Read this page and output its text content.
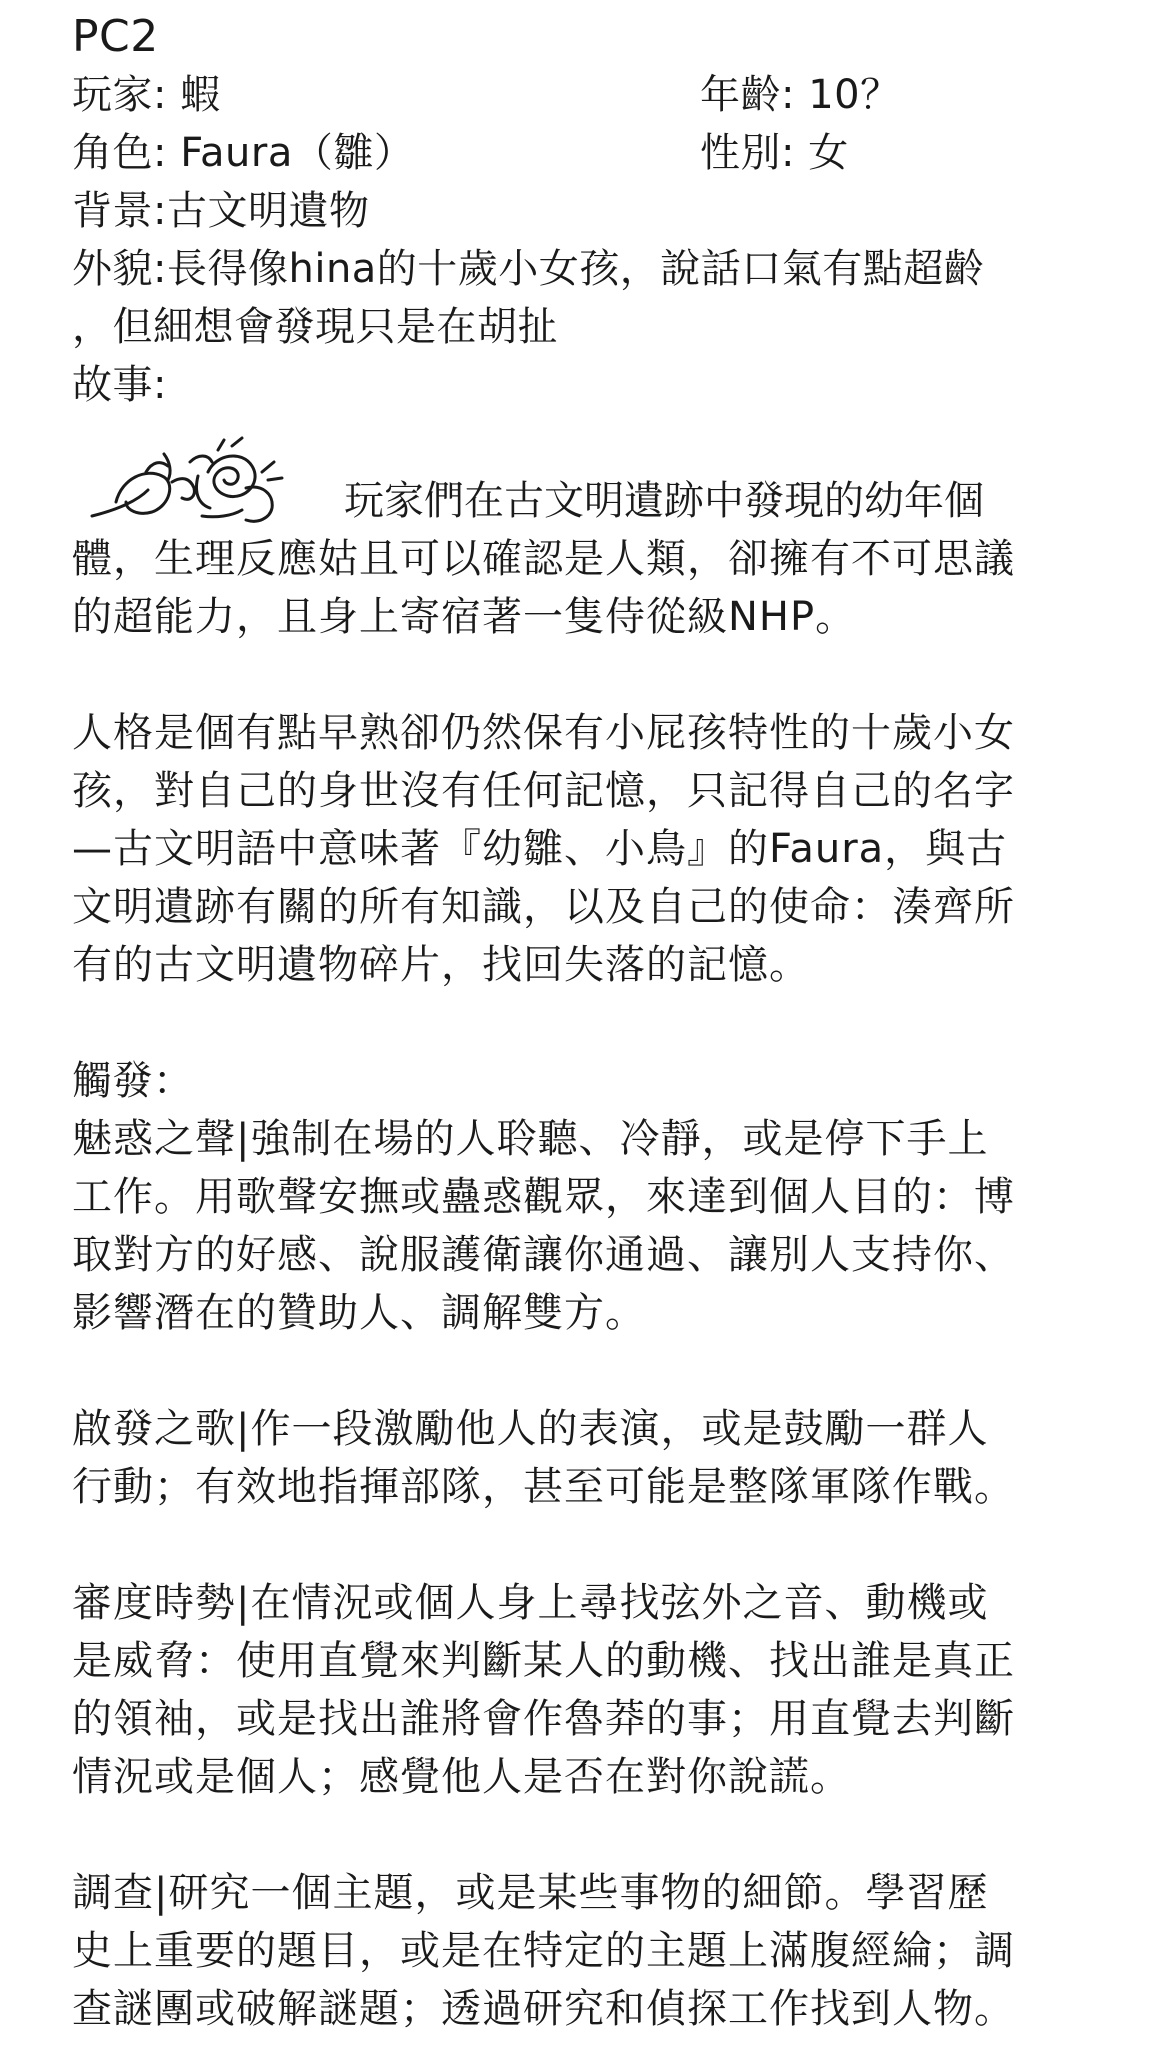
PC2
玩家: 蝦	年齡: 10？
角色: Faura（雛）	性別: 女
背景:古文明遺物
外貌:長得像hina的十歲小女孩，說話口氣有點超齡
，但細想會發現只是在胡扯
故事:
玩家們在古文明遺跡中發現的幼年個
體，生理反應姑且可以確認是人類，卻擁有不可思議
的超能力，且身上寄宿著一隻侍從級NHP。
人格是個有點早熟卻仍然保有小屁孩特性的十歲小女
孩，對自己的身世沒有任何記憶，只記得自己的名字
—古文明語中意味著『幼雛、小鳥』的Faura，與古
文明遺跡有關的所有知識，以及自己的使命：湊齊所
有的古文明遺物碎片，找回失落的記憶。
觸發：
魅惑之聲|強制在場的人聆聽、冷靜，或是停下手上
工作。用歌聲安撫或蠱惑觀眾，來達到個人目的：博
取對方的好感、說服護衛讓你通過、讓別人支持你、
影響潛在的贊助人、調解雙方。
啟發之歌|作一段激勵他人的表演，或是鼓勵一群人
行動；有效地指揮部隊，甚至可能是整隊軍隊作戰。
審度時勢|在情況或個人身上尋找弦外之音、動機或
是威脅：使用直覺來判斷某人的動機、找出誰是真正
的領袖，或是找出誰將會作魯莽的事；用直覺去判斷
情況或是個人；感覺他人是否在對你說謊。
調查|研究一個主題，或是某些事物的細節。學習歷
史上重要的題目，或是在特定的主題上滿腹經綸；調
查謎團或破解謎題；透過研究和偵探工作找到人物。
